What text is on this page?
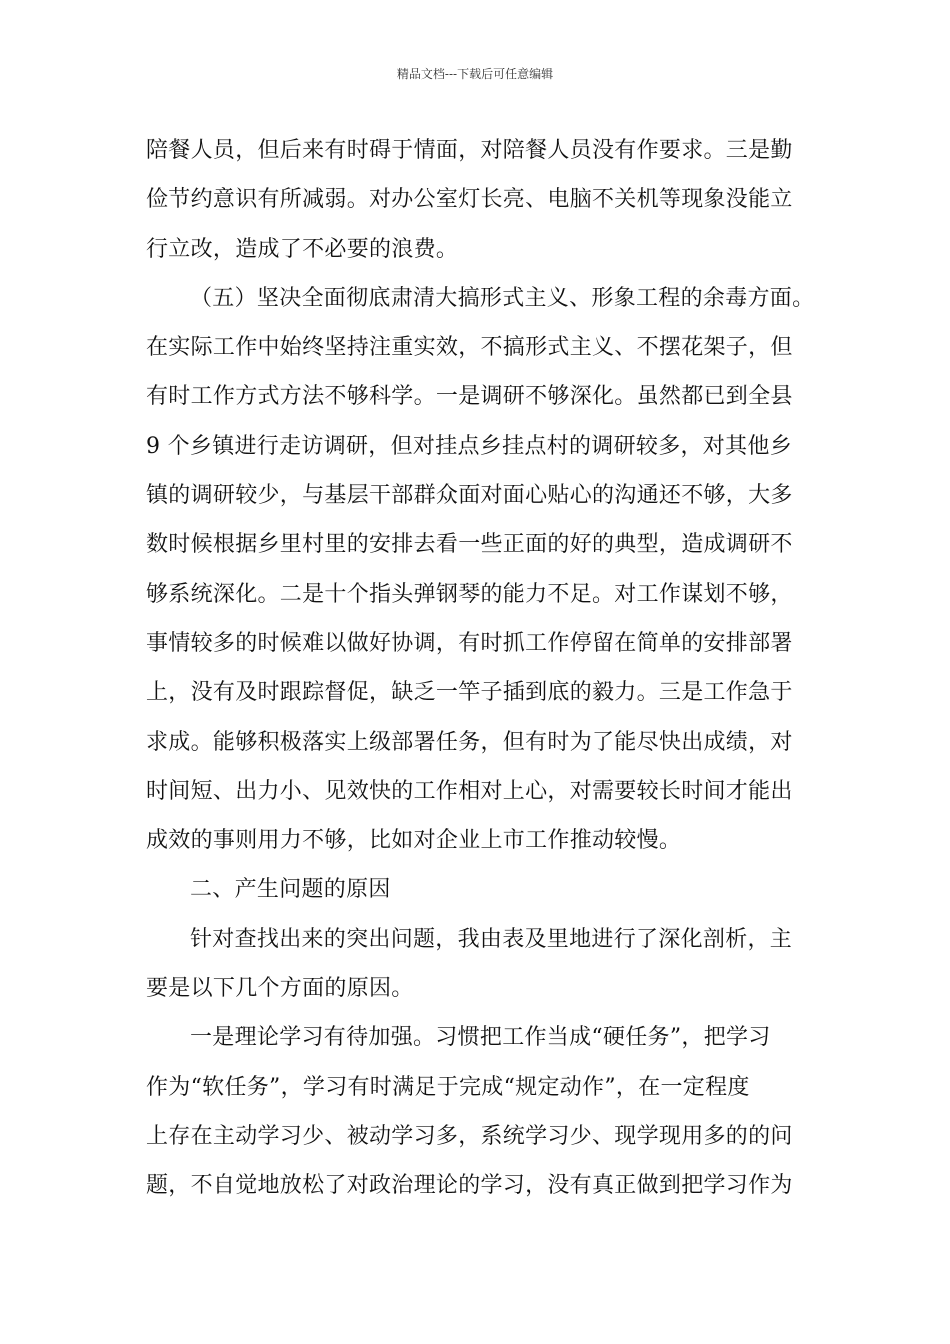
精品文档---下载后可任意编辑
陪餐人员，但后来有时碍于情面，对陪餐人员没有作要求。三是勤
俭节约意识有所减弱。对办公室灯长亮、电脑不关机等现象没能立
行立改，造成了不必要的浪费。
（五）坚决全面彻底肃清大搞形式主义、形象工程的余毒方面。
在实际工作中始终坚持注重实效，不搞形式主义、不摆花架子，但
有时工作方式方法不够科学。一是调研不够深化。虽然都已到全县
9 个乡镇进行走访调研，但对挂点乡挂点村的调研较多，对其他乡
镇的调研较少，与基层干部群众面对面心贴心的沟通还不够，大多
数时候根据乡里村里的安排去看一些正面的好的典型，造成调研不
够系统深化。二是十个指头弹钢琴的能力不足。对工作谋划不够，
事情较多的时候难以做好协调，有时抓工作停留在简单的安排部署
上，没有及时跟踪督促，缺乏一竿子插到底的毅力。三是工作急于
求成。能够积极落实上级部署任务，但有时为了能尽快出成绩，对
时间短、出力小、见效快的工作相对上心，对需要较长时间才能出
成效的事则用力不够，比如对企业上市工作推动较慢。
二、产生问题的原因
针对查找出来的突出问题，我由表及里地进行了深化剖析，主
要是以下几个方面的原因。
一是理论学习有待加强。习惯把工作当成“硬任务”，把学习
作为“软任务”，学习有时满足于完成“规定动作”，在一定程度
上存在主动学习少、被动学习多，系统学习少、现学现用多的的问
题，不自觉地放松了对政治理论的学习，没有真正做到把学习作为
